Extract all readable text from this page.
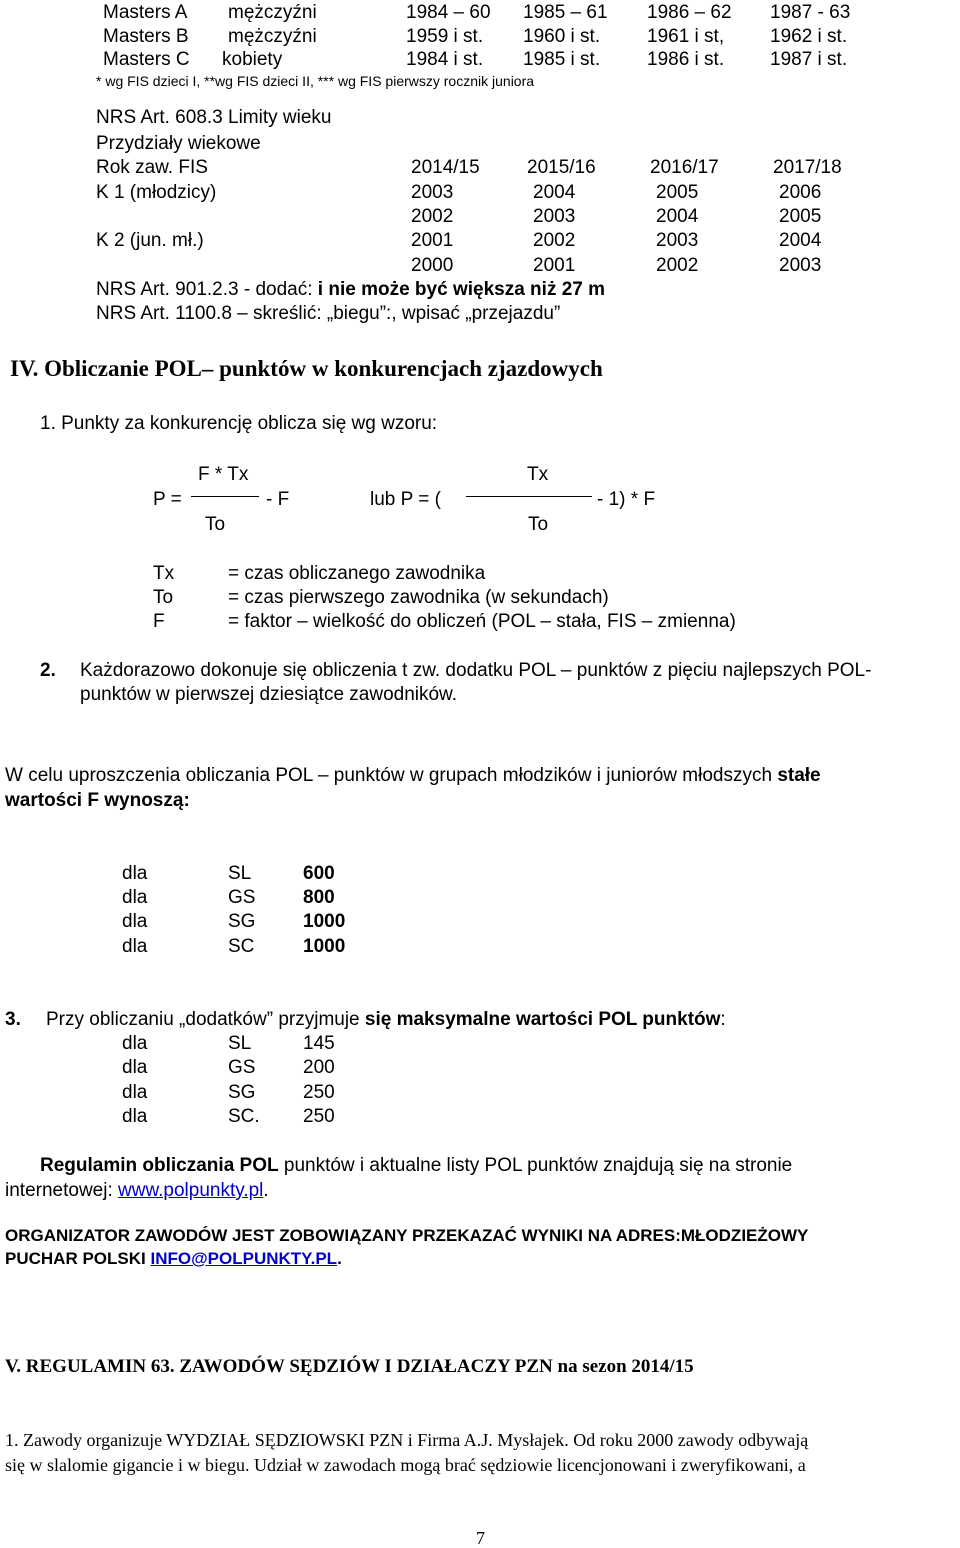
Masters A mężczyźni	1984 – 60 1985 – 61 1986 – 62 1987 - 63
Masters B mężczyźni	1959 i st. 1960 i st. 1961 i st, 1962 i st.
Masters C kobiety	1984 i st. 1985 i st. 1986 i st. 1987 i st.
* wg FIS dzieci I, **wg FIS dzieci II, *** wg FIS pierwszy rocznik juniora
NRS Art. 608.3 Limity wieku
Przydziały wiekowe
Rok zaw. FIS	2014/15 2015/16	2016/17	2017/18
K 1 (młodzicy)	2003	2004	2005	2006
2002	2003	2004	2005
K 2 (jun. mł.)	2001	2002	2003	2004
2000	2001	2002	2003
NRS Art. 901.2.3 - dodać: i nie może być większa niż 27 m
NRS Art. 1100.8 – skreślić: „biegu”:, wpisać „przejazdu”
IV. Obliczanie POL– punktów w konkurencjach zjazdowych
1. Punkty za konkurencję oblicza się wg wzoru:
F * Tx
P =	- F
To
Tx
lub P = (	- 1) * F
To
Tx	= czas obliczanego zawodnika
To	= czas pierwszego zawodnika (w sekundach)
F	= faktor – wielkość do obliczeń (POL – stała, FIS – zmienna)
2. Każdorazowo dokonuje się obliczenia t zw. dodatku POL – punktów z pięciu najlepszych POL-
punktów w pierwszej dziesiątce zawodników.
W celu uproszczenia obliczania POL – punktów w grupach młodzików i juniorów młodszych stałe
wartości F wynoszą:
dla	SL	600
dla	GS	800
dla	SG	1000
dla	SC	1000
3. Przy obliczaniu „dodatków” przyjmuje się maksymalne wartości POL punktów:
dla	SL	145
dla	GS	200
dla	SG	250
dla	SC. 250
Regulamin obliczania POL punktów i aktualne listy POL punktów znajdują się na stronie
internetowej: www.polpunkty.pl.
ORGANIZATOR ZAWODÓW JEST ZOBOWIĄZANY PRZEKAZAĆ WYNIKI NA ADRES:MŁODZIEŻOWY
PUCHAR POLSKI INFO@POLPUNKTY.PL.
V. REGULAMIN 63. ZAWODÓW SĘDZIÓW I DZIAŁACZY PZN na sezon 2014/15
1. Zawody organizuje WYDZIAŁ SĘDZIOWSKI PZN i Firma A.J. Mysłajek. Od roku 2000 zawody odbywają
się w slalomie gigancie i w biegu. Udział w zawodach mogą brać sędziowie licencjonowani i zweryfikowani, a
7
